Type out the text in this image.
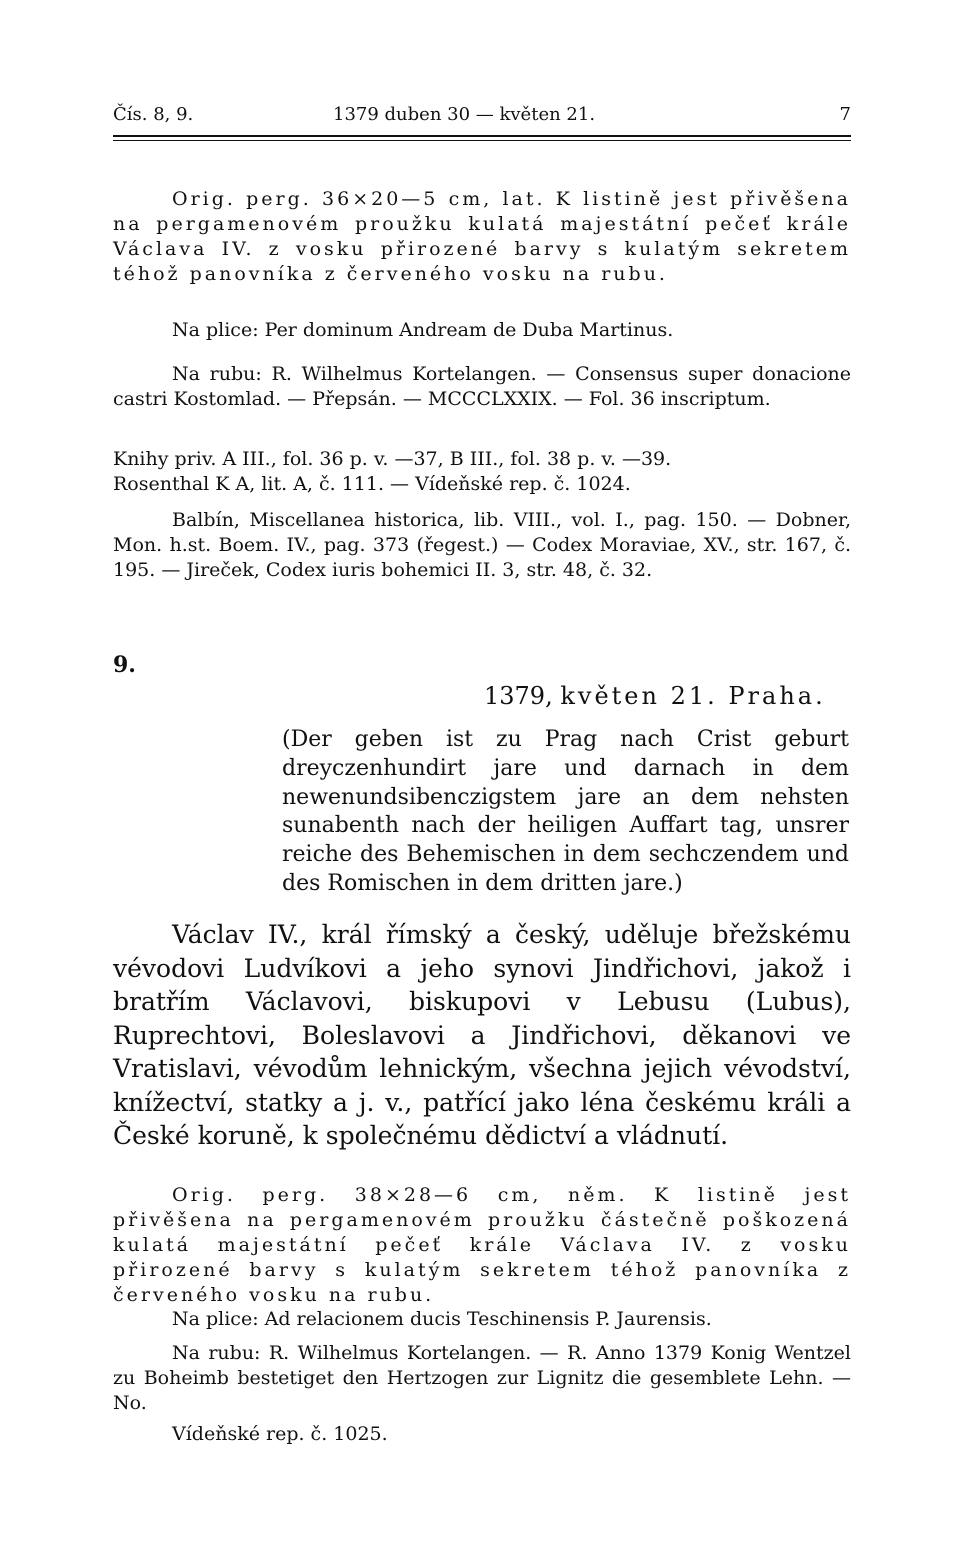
Čís. 8, 9.	1379 duben 30 — květen 21.	7

Orig. perg. 36×20—5 cm, lat. K listině jest přivěšena na pergamenovém proužku kulatá majestátní pečeť krále Václava IV. z vosku přirozené barvy s kulatým sekretem téhož panovníka z červeného vosku na rubu.

Na plice: Per dominum Andream de Duba Martinus.

Na rubu: R. Wilhelmus Kortelangen. — Consensus super donacione castri Kostomlad. — Přepsán. — MCCCLXXIX. — Fol. 36 inscriptum.

Knihy priv. A III., fol. 36 p. v. —37, B III., fol. 38 p. v. —39.

Rosenthal K A, lit. A, č. 111. — Vídeňské rep. č. 1024.

Balbín, Miscellanea historica, lib. VIII., vol. I., pag. 150. — Dobner, Mon. h.st. Boem. IV., pag. 373 (řegest.) — Codex Moraviae, XV., str. 167, č. 195. — Jireček, Codex iuris bohemici II. 3, str. 48, č. 32.

9.
1379, květen 21. Praha.

(Der geben ist zu Prag nach Crist geburt dreyczenhundirt jare und darnach in dem newenundsibenczigstem jare an dem nehsten sunabenth nach der heiligen Auffart tag, unsrer reiche des Behemischen in dem sechczendem und des Romischen in dem dritten jare.)

Václav IV., král římský a český, uděluje břežskému vévodovi Ludvíkovi a jeho synovi Jindřichovi, jakož i bratřím Václavovi, biskupovi v Lebusu (Lubus), Ruprechtovi, Boleslavovi a Jindřichovi, děkanovi ve Vratislavi, vévodům lehnickým, všechna jejich vévodství, knížectví, statky a j. v., patřící jako léna českému králi a České koruně, k společnému dědictví a vládnutí.

Orig. perg. 38×28—6 cm, něm. K listině jest přivěšena na pergamenovém proužku částečně poškozená kulatá majestátní pečeť krále Václava IV. z vosku přirozené barvy s kulatým sekretem téhož panovníka z červeného vosku na rubu.

Na plice: Ad relacionem ducis Teschinensis P. Jaurensis.

Na rubu: R. Wilhelmus Kortelangen. — R. Anno 1379 Konig Wentzel zu Boheimb bestetiget den Hertzogen zur Lignitz die gesemblete Lehn. — No.

Vídeňské rep. č. 1025.
